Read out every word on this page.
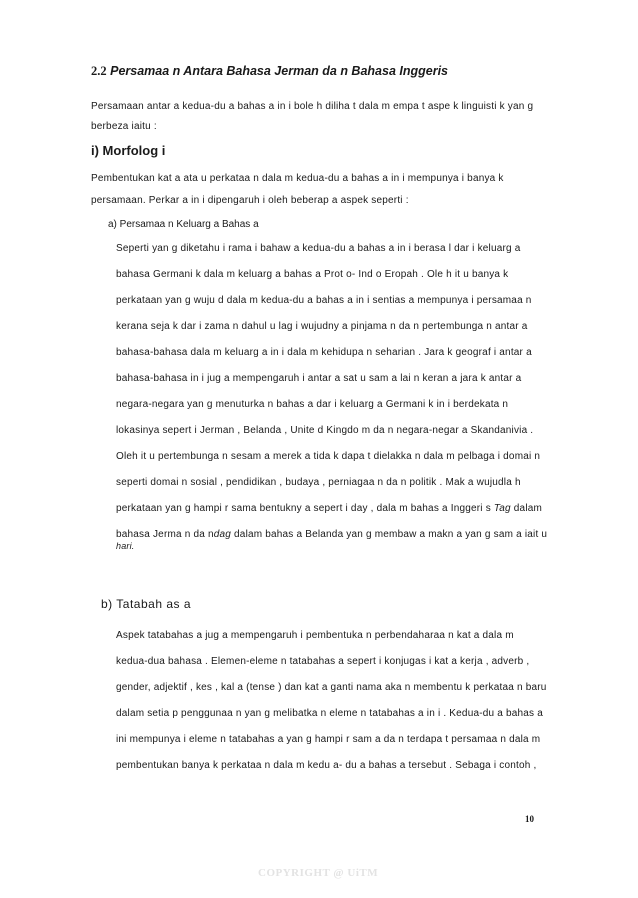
2.2 Persamaa n Antara Bahasa Jerman da n Bahasa Inggeris
Persamaan antar a kedua-du a bahas a in i bole h diliha t dala m empa t aspe k linguisti k yan g
berbeza iaitu :
i) Morfolog i
Pembentukan kat a ata u perkataa n dala m kedua-du a bahas a in i mempunya i banya k
persamaan. Perkar a in i dipengaruh i oleh beberap a aspek seperti :
a) Persamaa n Keluarg a Bahas a
Seperti yan g diketahu i rama i bahaw a kedua-du a bahas a in i berasa l dar i keluarg a
bahasa Germani k dala m keluarg a bahas a Prot o- Ind o Eropah . Ole h it u banya k
perkataan yan g wuju d dala m kedua-du a bahas a in i sentias a mempunya i persamaa n
kerana seja k dar i zama n dahul u lag i wujudny a pinjama n da n pertembunga n antar a
bahasa-bahasa dala m keluarg a in i dala m kehidupa n seharian . Jara k geograf i antar a
bahasa-bahasa in i jug a mempengaruh i antar a sat u sam a lai n keran a jara k antar a
negara-negara yan g menuturka n bahas a dar i keluarg a Germani k in i berdekata n
lokasinya sepert i Jerman , Belanda , Unite d Kingdo m da n negara-negar a Skandanivia .
Oleh it u pertembunga n sesam a merek a tida k dapa t dielakka n dala m pelbaga i domai n
seperti domai n sosial , pendidikan , budaya , perniagaa n da n politik . Mak a wujudla h
perkataan yan g hampi r sama bentukny a sepert i day , dala m bahas a Inggeri s Tag dalam
bahasa Jerma n da ndag dalam bahas a Belanda yan g membaw a makn a yan g sam a iait u
hari.
b) Tatabah as a
Aspek tatabahas a jug a mempengaruh i pembentuka n perbendaharaa n kat a dala m
kedua-dua bahasa . Elemen-eleme n tatabahas a sepert i konjugas i kat a kerja , adverb ,
gender, adjektif , kes , kal a (tense ) dan kat a ganti nama aka n membentu k perkataa n baru
dalam setia p penggunaa n yan g melibatka n eleme n tatabahas a in i . Kedua-du a bahas a
ini mempunya i eleme n tatabahas a yan g hampi r sam a da n terdapa t persamaa n dala m
pembentukan banya k perkataa n dala m kedu a- du a bahas a tersebut . Sebaga i contoh ,
10
COPYRIGHT @ UiTM
